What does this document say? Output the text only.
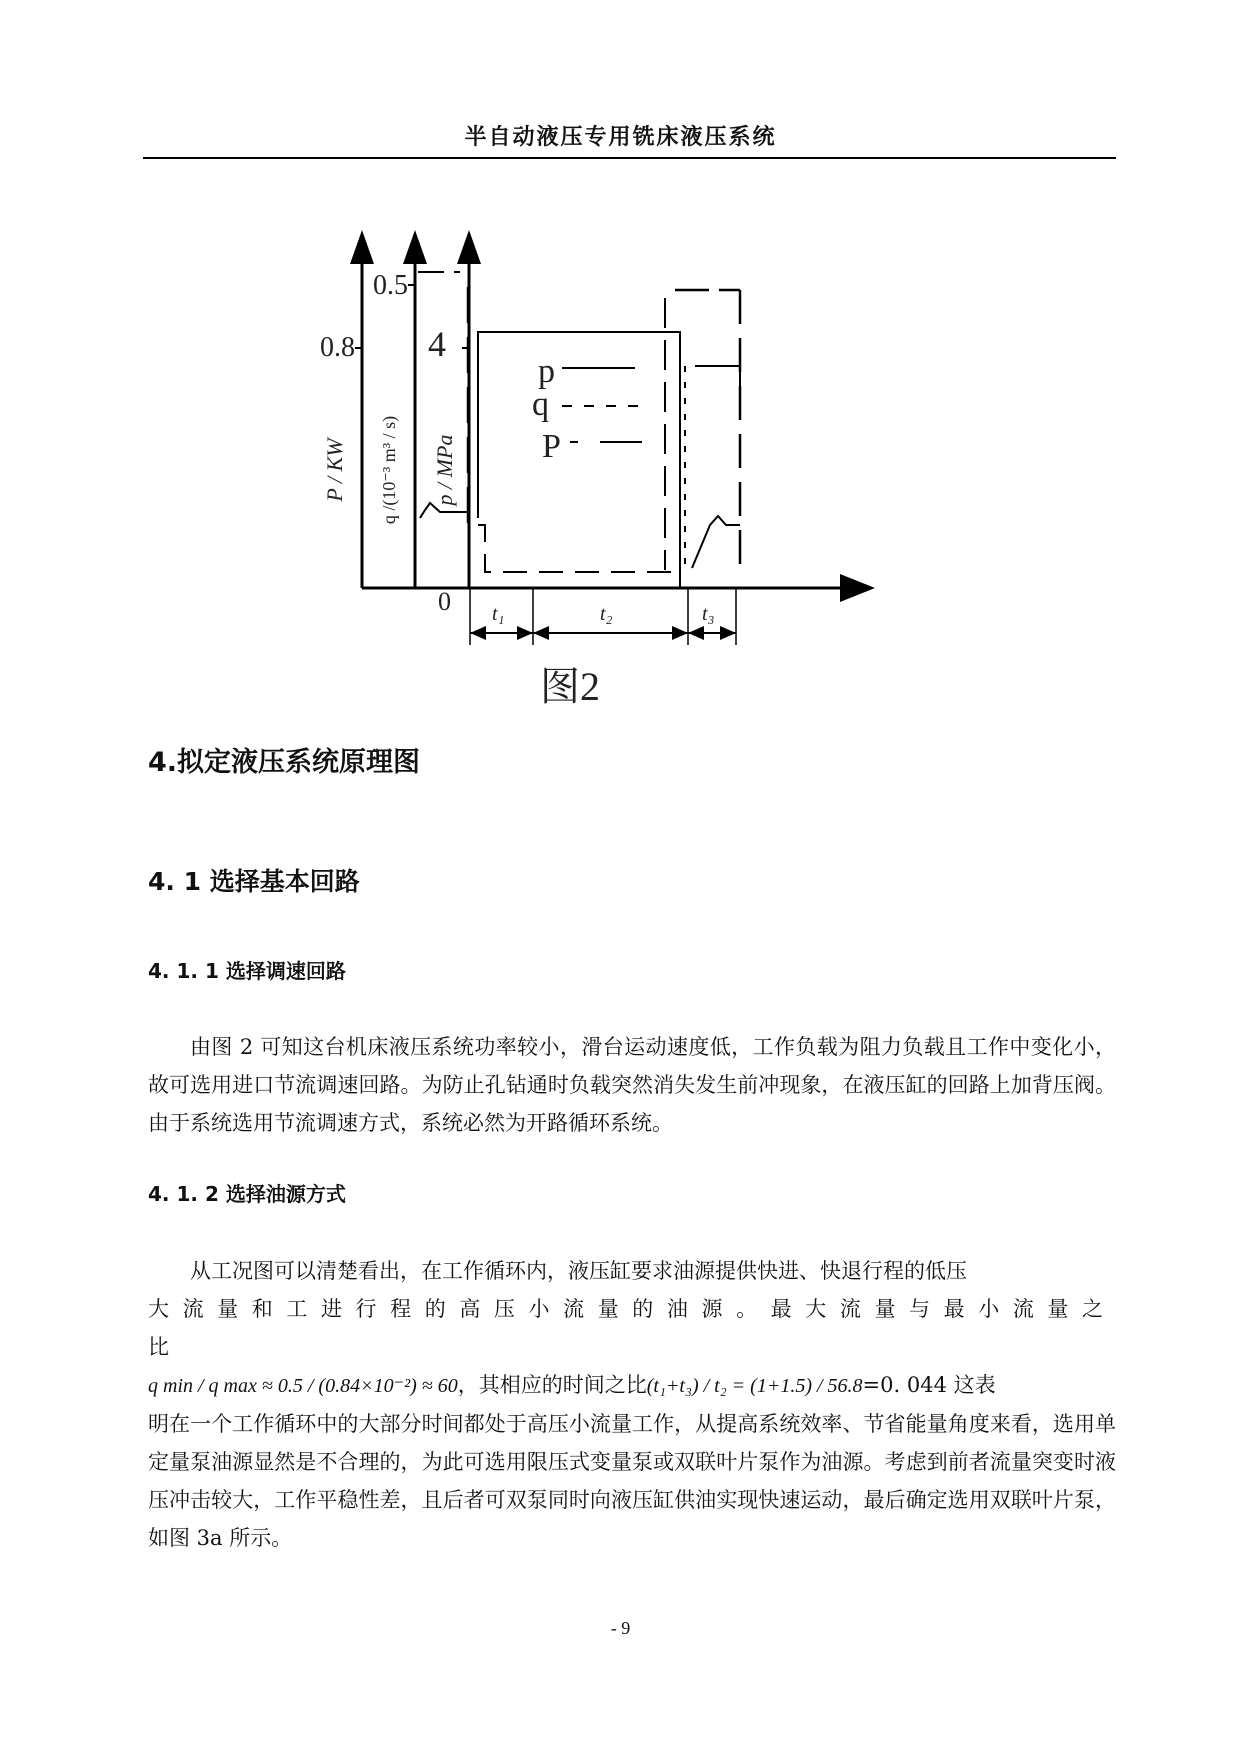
半自动液压专用铣床液压系统
0.8
0.5
4
0
P / KW q /(10⁻³ m³ / s) p / MPa
p
q
P
t₁	t₂	t₃
图2
4.拟定液压系统原理图
4. 1 选择基本回路
4. 1. 1 选择调速回路

由图 2 可知这台机床液压系统功率较小，滑台运动速度低，工作负载为阻力负载且工作中变化小，故可选用进口节流调速回路。为防止孔钻通时负载突然消失发生前冲现象，在液压缸的回路上加背压阀。由于系统选用节流调速方式，系统必然为开路循环系统。

4. 1. 2 选择油源方式

从工况图可以清楚看出，在工作循环内，液压缸要求油源提供快进、快退行程的低压

大流量和工进行程的高压小流量的油源。最大流量与最小流量之比

q min / q max ≈ 0.5 / (0.84×10⁻²) ≈ 60，其相应的时间之比(t₁+t₃) / t₂ = (1+1.5) / 56.8=0. 044 这表

明在一个工作循环中的大部分时间都处于高压小流量工作，从提高系统效率、节省能量角度来看，选用单定量泵油源显然是不合理的，为此可选用限压式变量泵或双联叶片泵作为油源。考虑到前者流量突变时液压冲击较大，工作平稳性差，且后者可双泵同时向液压缸供油实现快速运动，最后确定选用双联叶片泵，如图 3a 所示。

- 9
